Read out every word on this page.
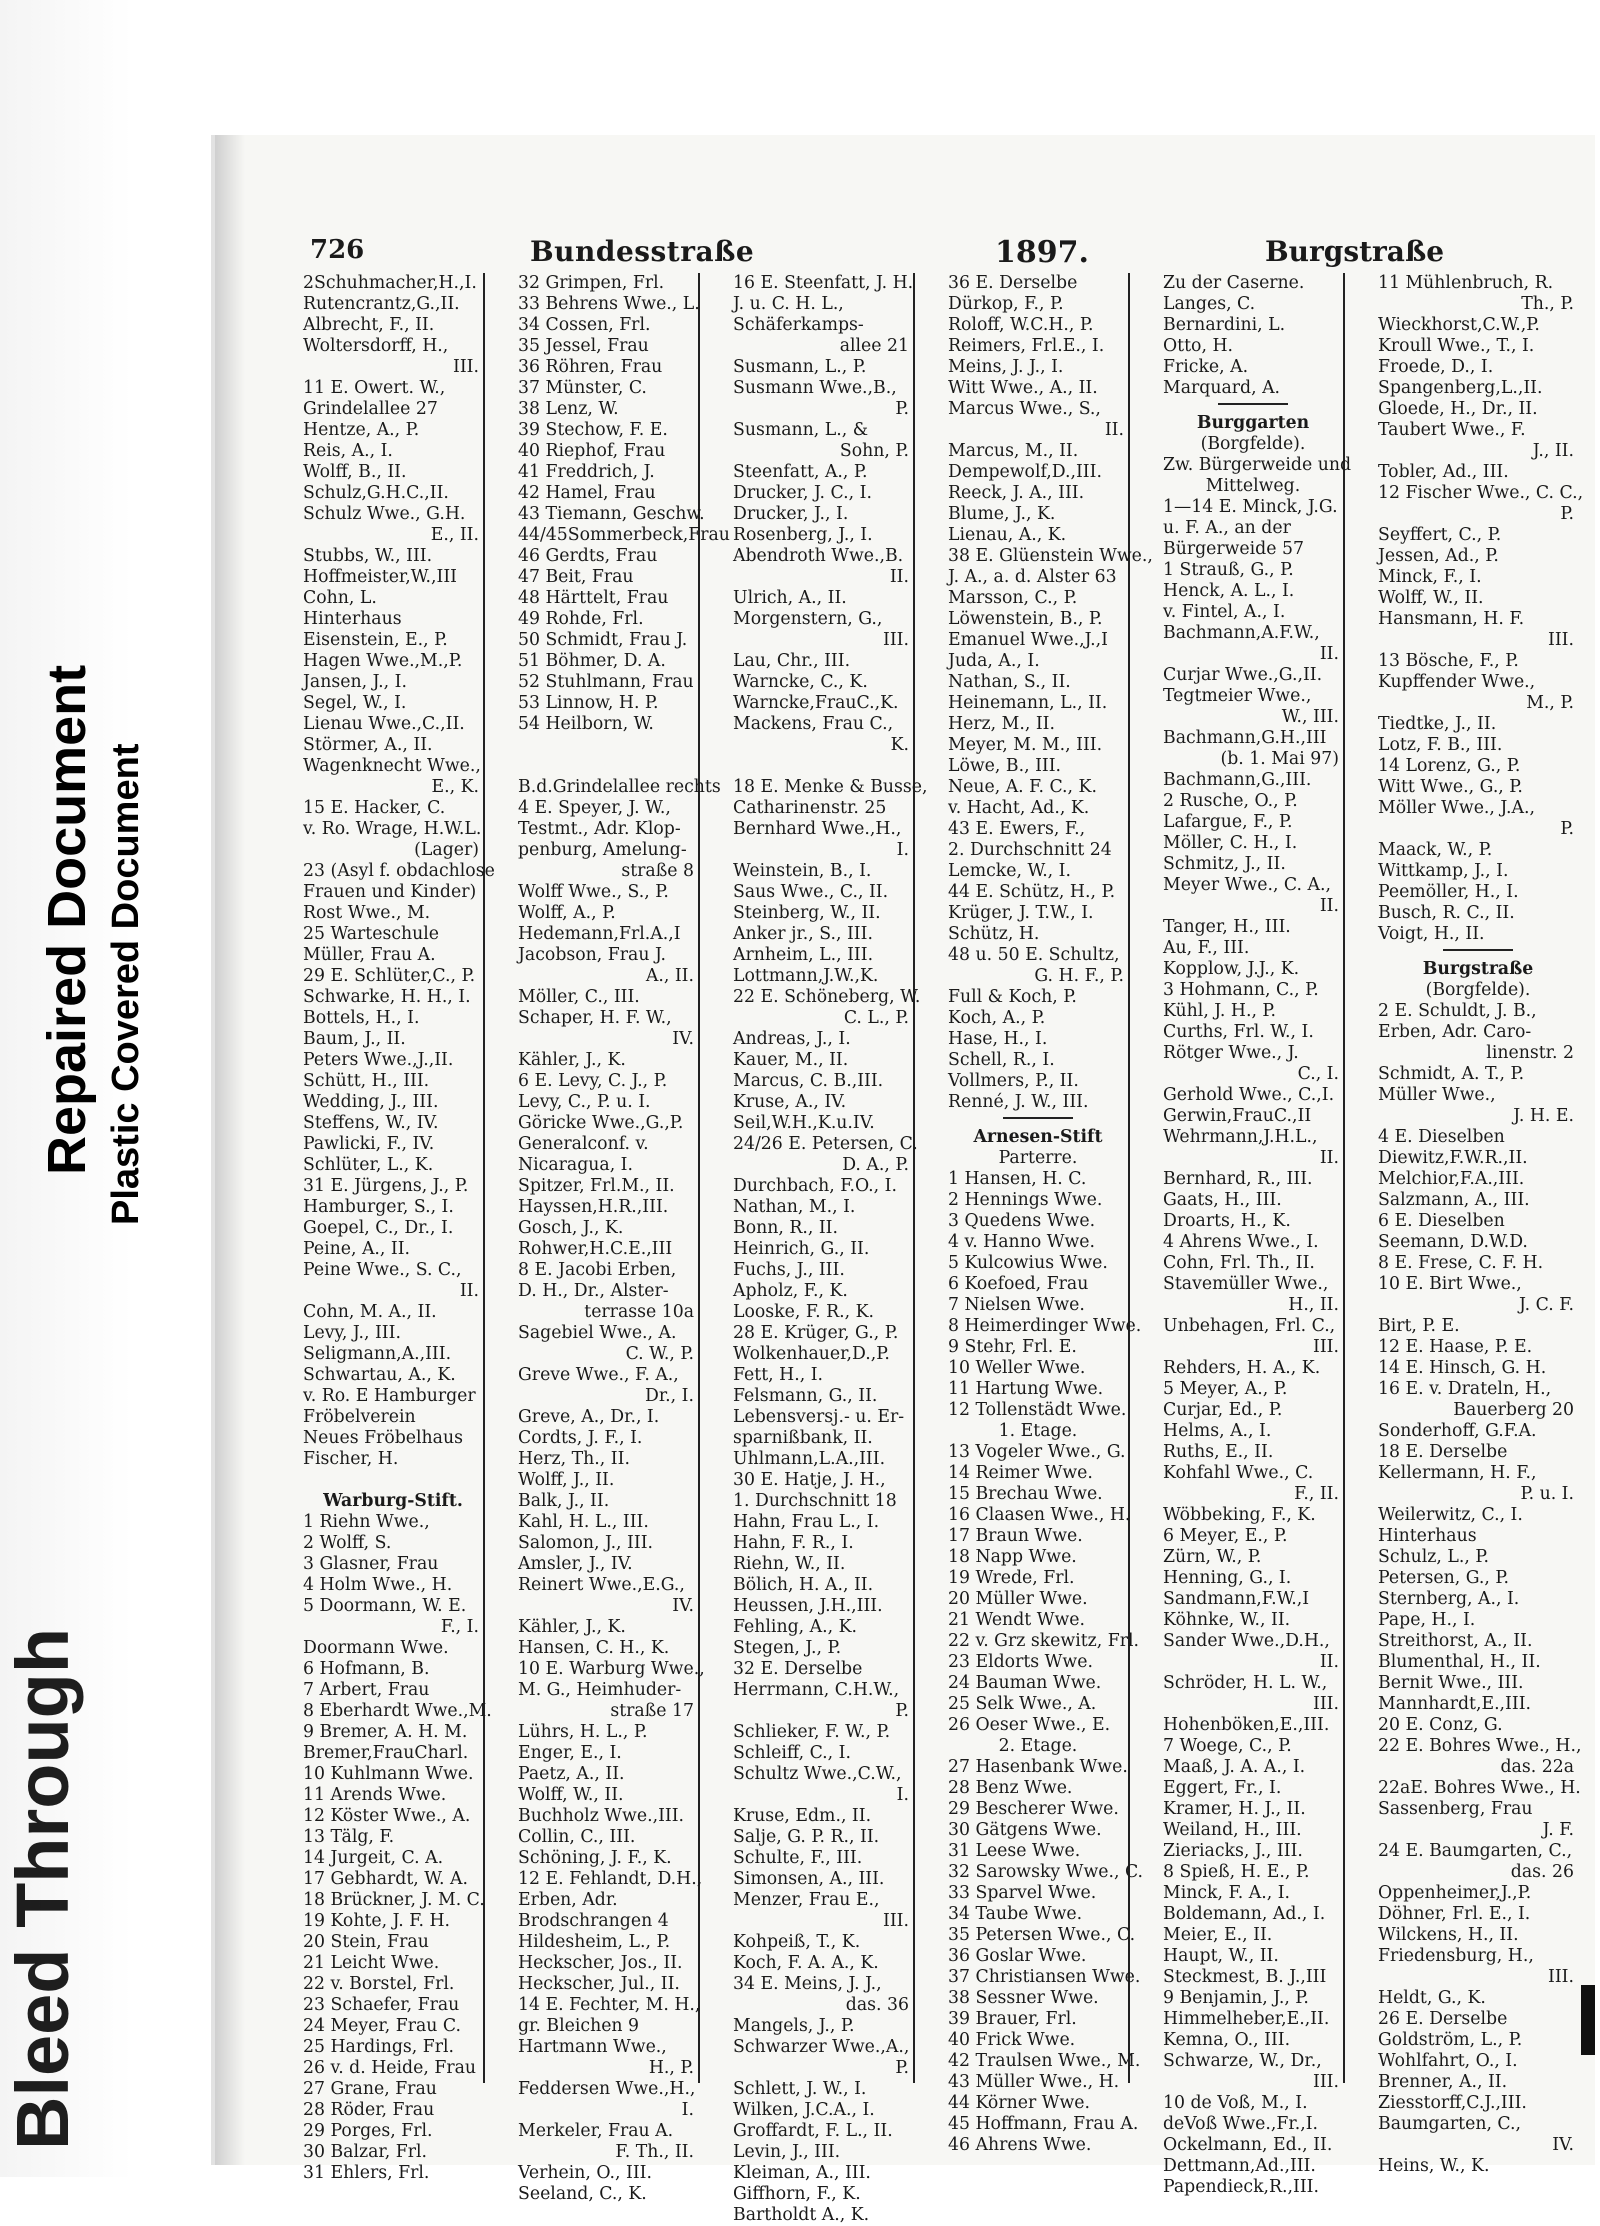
Bleed Through
Repaired Document Plastic Covered Document
726	Bundesstraße	1897.	Burgstraße
2Schuhmacher,H.,I.
Rutencrantz,G.,II.
Albrecht, F., II.
Woltersdorff, H.,
III.
11 E. Owert. W.,
Grindelallee 27
Hentze, A., P.
Reis, A., I.
Wolff, B., II.
Schulz,G.H.C.,II.
Schulz Wwe., G.H.
E., II.
Stubbs, W., III.
Hoffmeister,W.,III
Cohn, L.
Hinterhaus
Eisenstein, E., P.
Hagen Wwe.,M.,P.
Jansen, J., I.
Segel, W., I.
Lienau Wwe.,C.,II.
Störmer, A., II.
Wagenknecht Wwe.,
E., K.
15 E. Hacker, C.
v. Ro. Wrage, H.W.L.
(Lager)
23 (Asyl f. obdachlose
Frauen und Kinder)
Rost Wwe., M.
25 Warteschule
Müller, Frau A.
29 E. Schlüter,C., P.
Schwarke, H. H., I.
Bottels, H., I.
Baum, J., II.
Peters Wwe.,J.,II.
Schütt, H., III.
Wedding, J., III.
Steffens, W., IV.
Pawlicki, F., IV.
Schlüter, L., K.
31 E. Jürgens, J., P.
Hamburger, S., I.
Goepel, C., Dr., I.
Peine, A., II.
Peine Wwe., S. C.,
II.
Cohn, M. A., II.
Levy, J., III.
Seligmann,A.,III.
Schwartau, A., K.
v. Ro. E Hamburger
Fröbelverein
Neues Fröbelhaus
Fischer, H.
Warburg-Stift.
1 Riehn Wwe.,
2 Wolff, S.
3 Glasner, Frau
4 Holm Wwe., H.
5 Doormann, W. E.
F., I.
Doormann Wwe.
6 Hofmann, B.
7 Arbert, Frau
8 Eberhardt Wwe.,M.
9 Bremer, A. H. M.
Bremer,FrauCharl.
10 Kuhlmann Wwe.
11 Arends Wwe.
12 Köster Wwe., A.
13 Tälg, F.
14 Jurgeit, C. A.
17 Gebhardt, W. A.
18 Brückner, J. M. C.
19 Kohte, J. F. H.
20 Stein, Frau
21 Leicht Wwe.
22 v. Borstel, Frl.
23 Schaefer, Frau
24 Meyer, Frau C.
25 Hardings, Frl.
26 v. d. Heide, Frau
27 Grane, Frau
28 Röder, Frau
29 Porges, Frl.
30 Balzar, Frl.
31 Ehlers, Frl.
32 Grimpen, Frl.
33 Behrens Wwe., L.
34 Cossen, Frl.
35 Jessel, Frau
36 Röhren, Frau
37 Münster, C.
38 Lenz, W.
39 Stechow, F. E.
40 Riephof, Frau
41 Freddrich, J.
42 Hamel, Frau
43 Tiemann, Geschw.
44/45Sommerbeck,Frau
46 Gerdts, Frau
47 Beit, Frau
48 Härttelt, Frau
49 Rohde, Frl.
50 Schmidt, Frau J.
51 Böhmer, D. A.
52 Stuhlmann, Frau
53 Linnow, H. P.
54 Heilborn, W.
B.d.Grindelallee rechts
4 E. Speyer, J. W.,
Testmt., Adr. Klop-
penburg, Amelung-
straße 8
Wolff Wwe., S., P.
Wolff, A., P.
Hedemann,Frl.A.,I
Jacobson, Frau J.
A., II.
Möller, C., III.
Schaper, H. F. W.,
IV.
Kähler, J., K.
6 E. Levy, C. J., P.
Levy, C., P. u. I.
Göricke Wwe.,G.,P.
Generalconf. v.
Nicaragua, I.
Spitzer, Frl.M., II.
Hayssen,H.R.,III.
Gosch, J., K.
Rohwer,H.C.E.,III
8 E. Jacobi Erben,
D. H., Dr., Alster-
terrasse 10a
Sagebiel Wwe., A.
C. W., P.
Greve Wwe., F. A.,
Dr., I.
Greve, A., Dr., I.
Cordts, J. F., I.
Herz, Th., II.
Wolff, J., II.
Balk, J., II.
Kahl, H. L., III.
Salomon, J., III.
Amsler, J., IV.
Reinert Wwe.,E.G.,
IV.
Kähler, J., K.
Hansen, C. H., K.
10 E. Warburg Wwe.,
M. G., Heimhuder-
straße 17
Lührs, H. L., P.
Enger, E., I.
Paetz, A., II.
Wolff, W., II.
Buchholz Wwe.,III.
Collin, C., III.
Schöning, J. F., K.
12 E. Fehlandt, D.H.,
Erben, Adr.
Brodschrangen 4
Hildesheim, L., P.
Heckscher, Jos., II.
Heckscher, Jul., II.
14 E. Fechter, M. H.,
gr. Bleichen 9
Hartmann Wwe.,
H., P.
Feddersen Wwe.,H.,
I.
Merkeler, Frau A.
F. Th., II.
Verhein, O., III.
Seeland, C., K.
16 E. Steenfatt, J. H.
J. u. C. H. L.,
Schäferkamps-
allee 21
Susmann, L., P.
Susmann Wwe.,B.,
P.
Susmann, L., &
Sohn, P.
Steenfatt, A., P.
Drucker, J. C., I.
Drucker, J., I.
Rosenberg, J., I.
Abendroth Wwe.,B.
II.
Ulrich, A., II.
Morgenstern, G.,
III.
Lau, Chr., III.
Warncke, C., K.
Warncke,FrauC.,K.
Mackens, Frau C.,
K.
18 E. Menke & Busse,
Catharinenstr. 25
Bernhard Wwe.,H.,
I.
Weinstein, B., I.
Saus Wwe., C., II.
Steinberg, W., II.
Anker jr., S., III.
Arnheim, L., III.
Lottmann,J.W.,K.
22 E. Schöneberg, W.
C. L., P.
Andreas, J., I.
Kauer, M., II.
Marcus, C. B.,III.
Kruse, A., IV.
Seil,W.H.,K.u.IV.
24/26 E. Petersen, C.
D. A., P.
Durchbach, F.O., I.
Nathan, M., I.
Bonn, R., II.
Heinrich, G., II.
Fuchs, J., III.
Apholz, F., K.
Looske, F. R., K.
28 E. Krüger, G., P.
Wolkenhauer,D.,P.
Fett, H., I.
Felsmann, G., II.
Lebensversj.- u. Er-
sparnißbank, II.
Uhlmann,L.A.,III.
30 E. Hatje, J. H.,
1. Durchschnitt 18
Hahn, Frau L., I.
Hahn, F. R., I.
Riehn, W., II.
Bölich, H. A., II.
Heussen, J.H.,III.
Fehling, A., K.
Stegen, J., P.
32 E. Derselbe
Herrmann, C.H.W.,
P.
Schlieker, F. W., P.
Schleiff, C., I.
Schultz Wwe.,C.W.,
I.
Kruse, Edm., II.
Salje, G. P. R., II.
Schulte, F., III.
Simonsen, A., III.
Menzer, Frau E.,
III.
Kohpeiß, T., K.
Koch, F. A. A., K.
34 E. Meins, J. J.,
das. 36
Mangels, J., P.
Schwarzer Wwe.,A.,
P.
Schlett, J. W., I.
Wilken, J.C.A., I.
Groffardt, F. L., II.
Levin, J., III.
Kleiman, A., III.
Giffhorn, F., K.
Bartholdt A., K.
36 E. Derselbe
Dürkop, F., P.
Roloff, W.C.H., P.
Reimers, Frl.E., I.
Meins, J. J., I.
Witt Wwe., A., II.
Marcus Wwe., S.,
II.
Marcus, M., II.
Dempewolf,D.,III.
Reeck, J. A., III.
Blume, J., K.
Lienau, A., K.
38 E. Glüenstein Wwe.,
J. A., a. d. Alster 63
Marsson, C., P.
Löwenstein, B., P.
Emanuel Wwe.,J.,I
Juda, A., I.
Nathan, S., II.
Heinemann, L., II.
Herz, M., II.
Meyer, M. M., III.
Löwe, B., III.
Neue, A. F. C., K.
v. Hacht, Ad., K.
43 E. Ewers, F.,
2. Durchschnitt 24
Lemcke, W., I.
44 E. Schütz, H., P.
Krüger, J. T.W., I.
Schütz, H.
48 u. 50 E. Schultz,
G. H. F., P.
Full & Koch, P.
Koch, A., P.
Hase, H., I.
Schell, R., I.
Vollmers, P., II.
Renné, J. W., III.
Arnesen-Stift
Parterre.
1 Hansen, H. C.
2 Hennings Wwe.
3 Quedens Wwe.
4 v. Hanno Wwe.
5 Kulcowius Wwe.
6 Koefoed, Frau
7 Nielsen Wwe.
8 Heimerdinger Wwe.
9 Stehr, Frl. E.
10 Weller Wwe.
11 Hartung Wwe.
12 Tollenstädt Wwe.
1. Etage.
13 Vogeler Wwe., G.
14 Reimer Wwe.
15 Brechau Wwe.
16 Claasen Wwe., H.
17 Braun Wwe.
18 Napp Wwe.
19 Wrede, Frl.
20 Müller Wwe.
21 Wendt Wwe.
22 v. Grz skewitz, Frl.
23 Eldorts Wwe.
24 Bauman Wwe.
25 Selk Wwe., A.
26 Oeser Wwe., E.
2. Etage.
27 Hasenbank Wwe.
28 Benz Wwe.
29 Bescherer Wwe.
30 Gätgens Wwe.
31 Leese Wwe.
32 Sarowsky Wwe., C.
33 Sparvel Wwe.
34 Taube Wwe.
35 Petersen Wwe., C.
36 Goslar Wwe.
37 Christiansen Wwe.
38 Sessner Wwe.
39 Brauer, Frl.
40 Frick Wwe.
42 Traulsen Wwe., M.
43 Müller Wwe., H.
44 Körner Wwe.
45 Hoffmann, Frau A.
46 Ahrens Wwe.
Zu der Caserne.
Langes, C.
Bernardini, L.
Otto, H.
Fricke, A.
Marquard, A.
Burggarten
(Borgfelde).
Zw. Bürgerweide und
Mittelweg.
1—14 E. Minck, J.G.
u. F. A., an der
Bürgerweide 57
1 Strauß, G., P.
Henck, A. L., I.
v. Fintel, A., I.
Bachmann,A.F.W.,
II.
Curjar Wwe.,G.,II.
Tegtmeier Wwe.,
W., III.
Bachmann,G.H.,III
(b. 1. Mai 97)
Bachmann,G.,III.
2 Rusche, O., P.
Lafargue, F., P.
Möller, C. H., I.
Schmitz, J., II.
Meyer Wwe., C. A.,
II.
Tanger, H., III.
Au, F., III.
Kopplow, J.J., K.
3 Hohmann, C., P.
Kühl, J. H., P.
Curths, Frl. W., I.
Rötger Wwe., J.
C., I.
Gerhold Wwe., C.,I.
Gerwin,FrauC.,II
Wehrmann,J.H.L.,
II.
Bernhard, R., III.
Gaats, H., III.
Droarts, H., K.
4 Ahrens Wwe., I.
Cohn, Frl. Th., II.
Stavemüller Wwe.,
H., II.
Unbehagen, Frl. C.,
III.
Rehders, H. A., K.
5 Meyer, A., P.
Curjar, Ed., P.
Helms, A., I.
Ruths, E., II.
Kohfahl Wwe., C.
F., II.
Wöbbeking, F., K.
6 Meyer, E., P.
Zürn, W., P.
Henning, G., I.
Sandmann,F.W.,I
Köhnke, W., II.
Sander Wwe.,D.H.,
II.
Schröder, H. L. W.,
III.
Hohenböken,E.,III.
7 Woege, C., P.
Maaß, J. A. A., I.
Eggert, Fr., I.
Kramer, H. J., II.
Weiland, H., III.
Zieriacks, J., III.
8 Spieß, H. E., P.
Minck, F. A., I.
Boldemann, Ad., I.
Meier, E., II.
Haupt, W., II.
Steckmest, B. J.,III
9 Benjamin, J., P.
Himmelheber,E.,II.
Kemna, O., III.
Schwarze, W., Dr.,
III.
10 de Voß, M., I.
deVoß Wwe.,Fr.,I.
Ockelmann, Ed., II.
Dettmann,Ad.,III.
Papendieck,R.,III.
11 Mühlenbruch, R.
Th., P.
Wieckhorst,C.W.,P.
Kroull Wwe., T., I.
Froede, D., I.
Spangenberg,L.,II.
Gloede, H., Dr., II.
Taubert Wwe., F.
J., II.
Tobler, Ad., III.
12 Fischer Wwe., C. C.,
P.
Seyffert, C., P.
Jessen, Ad., P.
Minck, F., I.
Wolff, W., II.
Hansmann, H. F.
III.
13 Bösche, F., P.
Kupffender Wwe.,
M., P.
Tiedtke, J., II.
Lotz, F. B., III.
14 Lorenz, G., P.
Witt Wwe., G., P.
Möller Wwe., J.A.,
P.
Maack, W., P.
Wittkamp, J., I.
Peemöller, H., I.
Busch, R. C., II.
Voigt, H., II.
Burgstraße
(Borgfelde).
2 E. Schuldt, J. B.,
Erben, Adr. Caro-
linenstr. 2
Schmidt, A. T., P.
Müller Wwe.,
J. H. E.
4 E. Dieselben
Diewitz,F.W.R.,II.
Melchior,F.A.,III.
Salzmann, A., III.
6 E. Dieselben
Seemann, D.W.D.
8 E. Frese, C. F. H.
10 E. Birt Wwe.,
J. C. F.
Birt, P. E.
12 E. Haase, P. E.
14 E. Hinsch, G. H.
16 E. v. Drateln, H.,
Bauerberg 20
Sonderhoff, G.F.A.
18 E. Derselbe
Kellermann, H. F.,
P. u. I.
Weilerwitz, C., I.
Hinterhaus
Schulz, L., P.
Petersen, G., P.
Sternberg, A., I.
Pape, H., I.
Streithorst, A., II.
Blumenthal, H., II.
Bernit Wwe., III.
Mannhardt,E.,III.
20 E. Conz, G.
22 E. Bohres Wwe., H.,
das. 22a
22aE. Bohres Wwe., H.
Sassenberg, Frau
J. F.
24 E. Baumgarten, C.,
das. 26
Oppenheimer,J.,P.
Döhner, Frl. E., I.
Wilckens, H., II.
Friedensburg, H.,
III.
Heldt, G., K.
26 E. Derselbe
Goldström, L., P.
Wohlfahrt, O., I.
Brenner, A., II.
Ziesstorff,C.J.,III.
Baumgarten, C.,
IV.
Heins, W., K.
